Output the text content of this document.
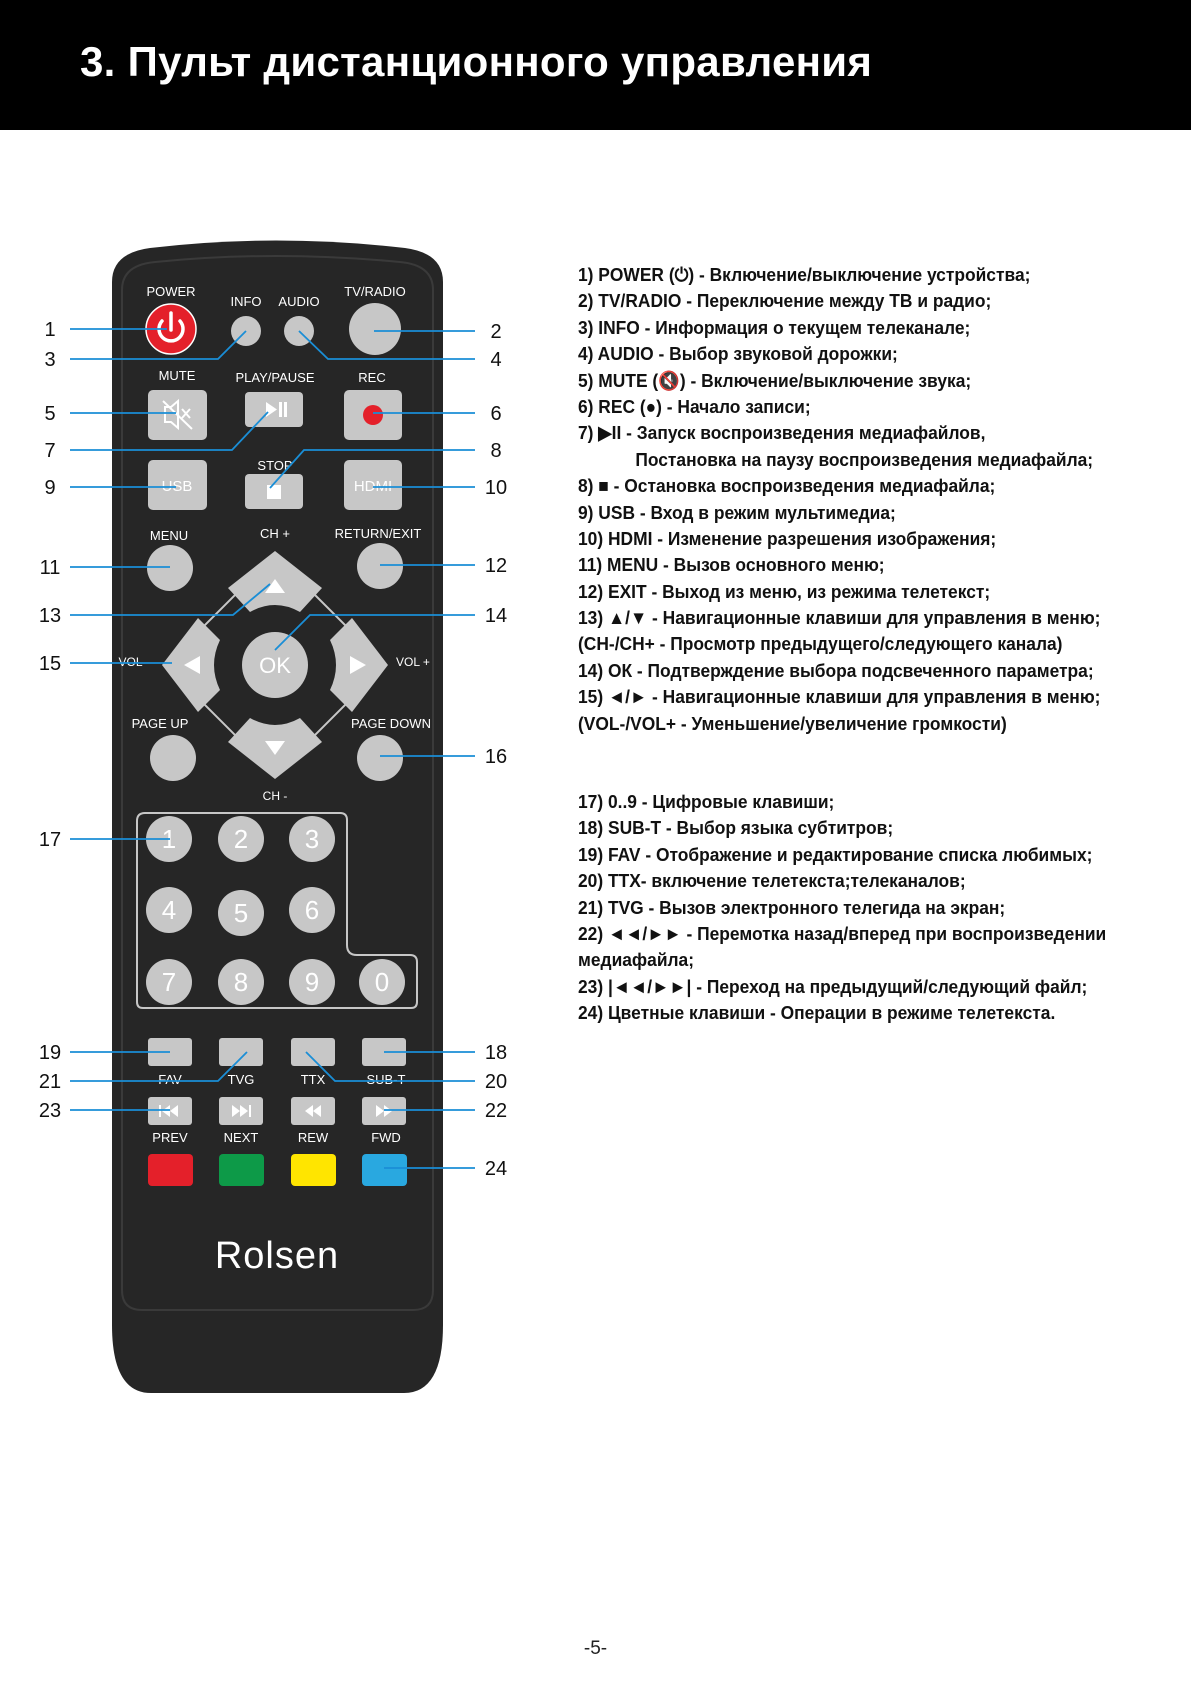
3. Пульт дистанционного управления
POWER
INFO AUDIO
TV/RADIO
MUTE	PLAY/PAUSE	REC
STOP
USB	HDMI
MENU	CH +	RETURN/EXIT
OK
VOL -	VOL +
PAGE UP	PAGE DOWN
CH -
1 2 3
4 5 6
7 8 9 0
FAV	TVG	TTX	SUB-T
PREV	NEXT	REW	FWD
Rolsen
1	2
3	4
5	6
7	8
9	10
11	12
13	14
15
16
17
18
19
20
21
22
23
24
1) POWER (⏻) - Включение/выключение устройства;
2) TV/RADIO - Переключение между ТВ и радио;
3) INFO - Информация о текущем телеканале;
4) AUDIO - Выбор звуковой дорожки;
5) MUTE (🔇) - Включение/выключение звука;
6) REC (●) - Начало записи;
7) ▶II - Запуск воспроизведения медиафайлов,
Постановка на паузу воспроизведения медиафайла;
8) ■ - Остановка воспроизведения медиафайла;
9) USB - Вход в режим мультимедиа;
10) HDMI - Изменение разрешения изображения;
11) MENU - Вызов основного меню;
12) EXIT - Выход из меню, из режима телетекст;
13) ▲/▼ - Навигационные клавиши для управления в меню;
(CH-/CH+ - Просмотр предыдущего/следующего канала)
14) ОК - Подтверждение выбора подсвеченного параметра;
15) ◄/► - Навигационные клавиши для управления в меню;
(VOL-/VOL+ - Уменьшение/увеличение громкости)
17) 0..9 - Цифровые клавиши;
18) SUB-T - Выбор языка субтитров;
19) FAV - Отображение и редактирование списка любимых;
20) TTX- включение телетекста;телеканалов;
21) TVG - Вызов электронного телегида на экран;
22) ◄◄/►► - Перемотка назад/вперед при воспроизведении
медиафайла;
23) |◄◄/►►| - Переход на предыдущий/следующий файл;
24) Цветные клавиши - Операции в режиме телетекста.
-5-
